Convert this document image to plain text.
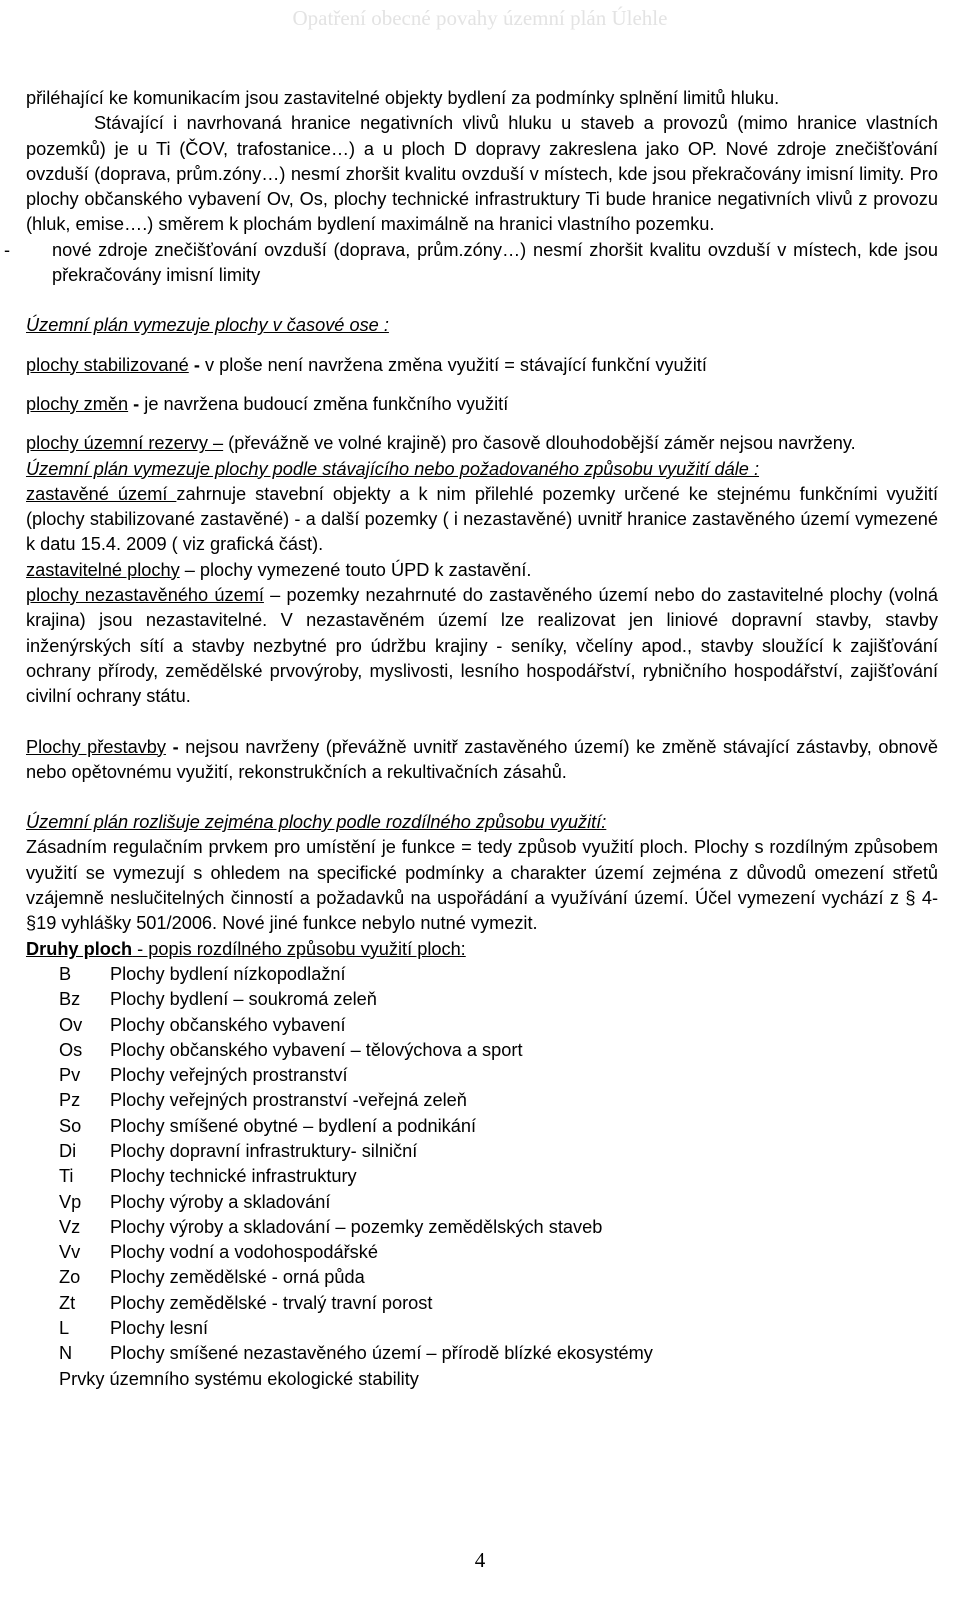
Opatření obecné povahy územní plán Úlehle

přiléhající ke komunikacím jsou zastavitelné objekty bydlení za podmínky splnění limitů hluku.

Stávající i navrhovaná hranice negativních vlivů hluku u staveb a provozů (mimo hranice vlastních pozemků) je u Ti (ČOV, trafostanice…) a u ploch D dopravy zakreslena jako OP. Nové zdroje znečišťování ovzduší (doprava, prům.zóny…) nesmí zhoršit kvalitu ovzduší v místech, kde jsou překračovány imisní limity. Pro plochy občanského vybavení Ov, Os, plochy technické infrastruktury Ti bude hranice negativních vlivů z provozu (hluk, emise….) směrem k plochám bydlení maximálně na hranici vlastního pozemku.

- nové zdroje znečišťování ovzduší (doprava, prům.zóny…) nesmí zhoršit kvalitu ovzduší v místech, kde jsou překračovány imisní limity

Územní plán vymezuje plochy v časové ose :

plochy stabilizované - v ploše není navržena změna využití = stávající funkční využití

plochy změn - je navržena budoucí změna funkčního využití

plochy územní rezervy – (převážně ve volné krajině) pro časově dlouhodobější záměr nejsou navrženy.

Územní plán vymezuje plochy podle stávajícího nebo požadovaného způsobu využití dále :

zastavěné území zahrnuje stavební objekty a k nim přilehlé pozemky určené ke stejnému funkčními využití (plochy stabilizované zastavěné) - a další pozemky ( i nezastavěné) uvnitř hranice zastavěného území vymezené k datu 15.4. 2009 ( viz grafická část).

zastavitelné plochy – plochy vymezené touto ÚPD k zastavění.

plochy nezastavěného území – pozemky nezahrnuté do zastavěného území nebo do zastavitelné plochy (volná krajina) jsou nezastavitelné. V nezastavěném území lze realizovat jen liniové dopravní stavby, stavby inženýrských sítí a stavby nezbytné pro údržbu krajiny - seníky, včelíny apod., stavby sloužící k zajišťování ochrany přírody, zemědělské prvovýroby, myslivosti, lesního hospodářství, rybničního hospodářství, zajišťování civilní ochrany státu.

Plochy přestavby - nejsou navrženy (převážně uvnitř zastavěného území) ke změně stávající zástavby, obnově nebo opětovnému využití, rekonstrukčních a rekultivačních zásahů.

Územní plán rozlišuje zejména plochy podle rozdílného způsobu využití:

Zásadním regulačním prvkem pro umístění je funkce = tedy způsob využití ploch. Plochy s rozdílným způsobem využití se vymezují s ohledem na specifické podmínky a charakter území zejména z důvodů omezení střetů vzájemně neslučitelných činností a požadavků na uspořádání a využívání území. Účel vymezení vychází z § 4-§19 vyhlášky 501/2006. Nové jiné funkce nebylo nutné vymezit.

Druhy ploch - popis rozdílného způsobu využití ploch:

B	Plochy bydlení nízkopodlažní
Bz	Plochy bydlení – soukromá zeleň
Ov	Plochy občanského vybavení
Os	Plochy občanského vybavení – tělovýchova a sport
Pv	Plochy veřejných prostranství
Pz	Plochy veřejných prostranství -veřejná zeleň
So	Plochy smíšené obytné – bydlení a podnikání
Di	Plochy dopravní infrastruktury- silniční
Ti	Plochy technické infrastruktury
Vp	Plochy výroby a skladování
Vz	Plochy výroby a skladování – pozemky zemědělských staveb
Vv	Plochy vodní a vodohospodářské
Zo	Plochy zemědělské - orná půda
Zt	Plochy zemědělské - trvalý travní porost
L	Plochy lesní
N	Plochy smíšené nezastavěného území – přírodě blízké ekosystémy

Prvky územního systému ekologické stability

4
